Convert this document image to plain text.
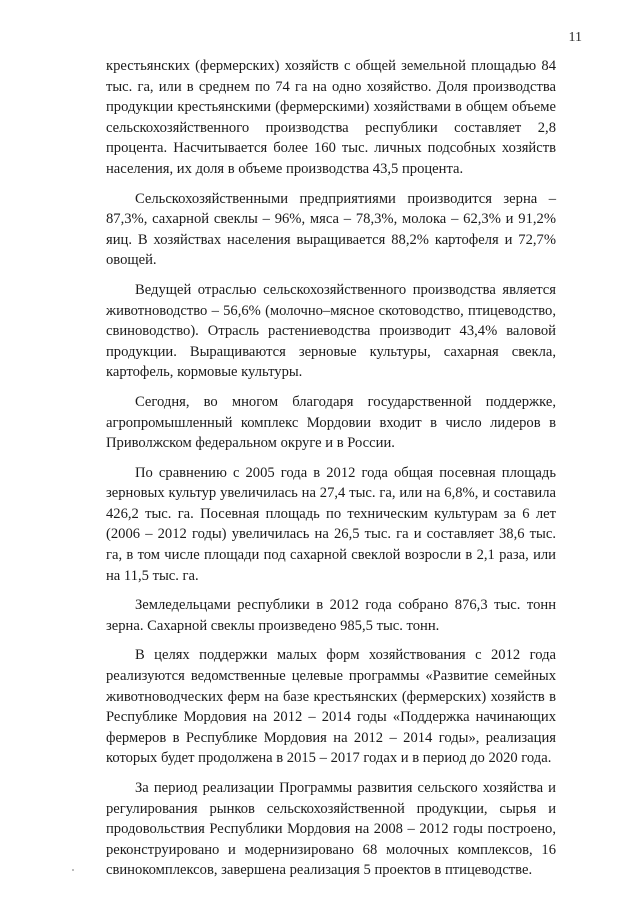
11

крестьянских (фермерских) хозяйств с общей земельной площадью 84 тыс. га, или в среднем по 74 га на одно хозяйство. Доля производства продукции крестьянскими (фермерскими) хозяйствами в общем объеме сельскохозяйственного производства республики составляет 2,8 процента. Насчитывается более 160 тыс. личных подсобных хозяйств населения, их доля в объеме производства 43,5 процента.

Сельскохозяйственными предприятиями производится зерна – 87,3%, сахарной свеклы – 96%, мяса – 78,3%, молока – 62,3% и 91,2% яиц. В хозяйствах населения выращивается 88,2% картофеля и 72,7% овощей.

Ведущей отраслью сельскохозяйственного производства является животноводство – 56,6% (молочно–мясное скотоводство, птицеводство, свиноводство). Отрасль растениеводства производит 43,4% валовой продукции. Выращиваются зерновые культуры, сахарная свекла, картофель, кормовые культуры.

Сегодня, во многом благодаря государственной поддержке, агропромышленный комплекс Мордовии входит в число лидеров в Приволжском федеральном округе и в России.

По сравнению с 2005 года в 2012 года общая посевная площадь зерновых культур увеличилась на 27,4 тыс. га, или на 6,8%, и составила 426,2 тыс. га. Посевная площадь по техническим культурам за 6 лет (2006 – 2012 годы) увеличилась на 26,5 тыс. га и составляет 38,6 тыс. га, в том числе площади под сахарной свеклой возросли в 2,1 раза, или на 11,5 тыс. га.

Земледельцами республики в 2012 года собрано 876,3 тыс. тонн зерна. Сахарной свеклы произведено 985,5 тыс. тонн.

В целях поддержки малых форм хозяйствования с 2012 года реализуются ведомственные целевые программы «Развитие семейных животноводческих ферм на базе крестьянских (фермерских) хозяйств в Республике Мордовия на 2012 – 2014 годы «Поддержка начинающих фермеров в Республике Мордовия на 2012 – 2014 годы», реализация которых будет продолжена в 2015 – 2017 годах и в период до 2020 года.

За период реализации Программы развития сельского хозяйства и регулирования рынков сельскохозяйственной продукции, сырья и продовольствия Республики Мордовия на 2008 – 2012 годы построено, реконструировано и модернизировано 68 молочных комплексов, 16 свинокомплексов, завершена реализация 5 проектов в птицеводстве.
